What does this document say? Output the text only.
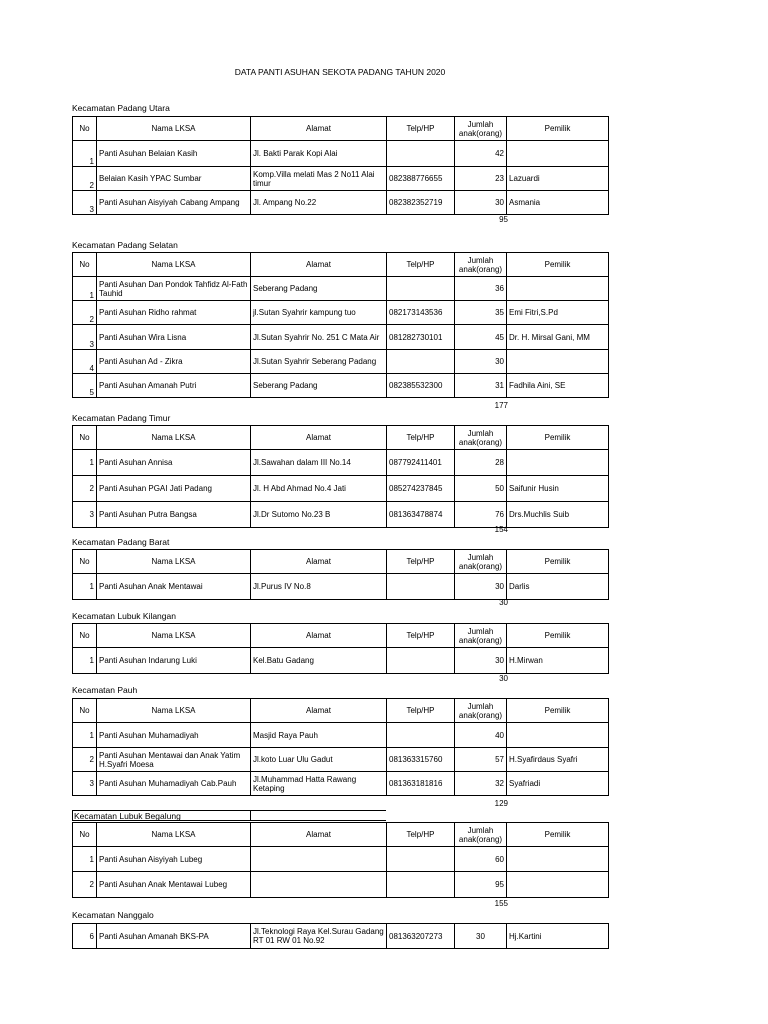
DATA PANTI ASUHAN SEKOTA PADANG TAHUN 2020
Kecamatan Padang Utara
No	Nama LKSA	Alamat	Telp/HP	Jumlah
anak(orang)	Pemilik
1	Panti Asuhan Belaian Kasih	Jl. Bakti Parak Kopi Alai		42	
2	Belaian Kasih YPAC Sumbar	Komp.Villa melati Mas 2 No11 Alai timur	082388776655	23	Lazuardi
3	Panti Asuhan Aisyiyah Cabang Ampang	Jl. Ampang No.22	082382352719	30	Asmania
95
Kecamatan Padang Selatan
No	Nama LKSA	Alamat	Telp/HP	Jumlah
anak(orang)	Pemilik
1	Panti Asuhan Dan Pondok Tahfidz Al-Fath Tauhid	Seberang Padang		36	
2	Panti Asuhan Ridho rahmat	jl.Sutan Syahrir kampung tuo	082173143536	35	Emi Fitri,S.Pd
3	Panti Asuhan Wira Lisna	Jl.Sutan Syahrir No. 251 C Mata Air	081282730101	45	Dr. H. Mirsal Gani, MM
4	Panti Asuhan Ad - Zikra	Jl.Sutan Syahrir Seberang Padang		30	
5	Panti Asuhan Amanah Putri	Seberang Padang	082385532300	31	Fadhila Aini, SE
177
Kecamatan Padang Timur
No	Nama LKSA	Alamat	Telp/HP	Jumlah
anak(orang)	Pemilik
1	Panti Asuhan Annisa	Jl.Sawahan dalam III No.14	087792411401	28	
2	Panti Asuhan PGAI Jati Padang	Jl. H Abd Ahmad No.4 Jati	085274237845	50	Saifunir Husin
3	Panti Asuhan Putra Bangsa	Jl.Dr Sutomo No.23 B	081363478874	76	Drs.Muchlis Suib
154
Kecamatan Padang Barat
No	Nama LKSA	Alamat	Telp/HP	Jumlah
anak(orang)	Pemilik
1	Panti Asuhan Anak Mentawai	Jl.Purus IV No.8		30	Darlis
30
Kecamatan Lubuk Kilangan
No	Nama LKSA	Alamat	Telp/HP	Jumlah
anak(orang)	Pemilik
1	Panti Asuhan Indarung Luki	Kel.Batu Gadang		30	H.Mirwan
30
Kecamatan Pauh
No	Nama LKSA	Alamat	Telp/HP	Jumlah
anak(orang)	Pemilik
1	Panti Asuhan Muhamadiyah	Masjid Raya Pauh		40	
2	Panti Asuhan Mentawai dan Anak Yatim H.Syafri Moesa	Jl.koto Luar Ulu Gadut	081363315760	57	H.Syafirdaus Syafri
3	Panti Asuhan Muhamadiyah Cab.Pauh	Jl.Muhammad Hatta Rawang Ketaping	081363181816	32	Syafriadi
129
Kecamatan Lubuk Begalung
No	Nama LKSA	Alamat	Telp/HP	Jumlah
anak(orang)	Pemilik
1	Panti Asuhan Aisyiyah Lubeg			60	
2	Panti Asuhan Anak Mentawai Lubeg			95	
155
Kecamatan Nanggalo
6	Panti Asuhan Amanah BKS-PA	Jl.Teknologi Raya Kel.Surau Gadang RT 01 RW 01 No.92	081363207273	30	Hj.Kartini
